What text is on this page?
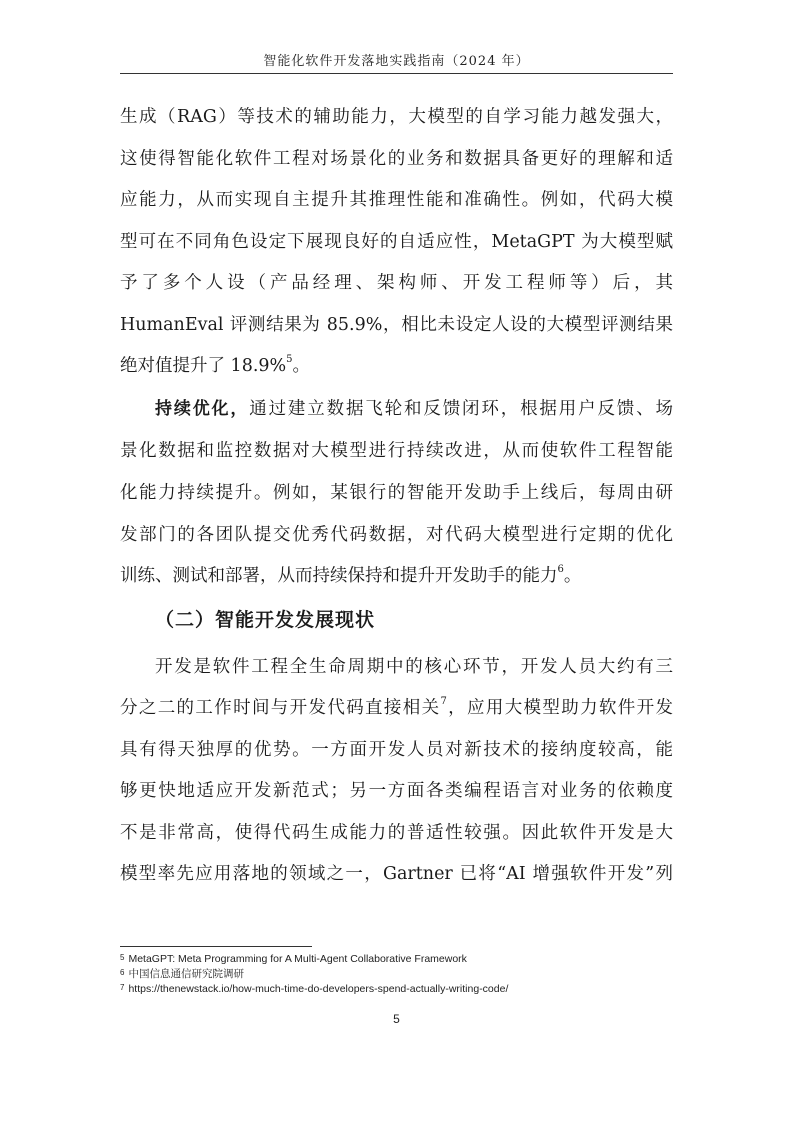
智能化软件开发落地实践指南（2024 年）
生成（RAG）等技术的辅助能力，大模型的自学习能力越发强大，
这使得智能化软件工程对场景化的业务和数据具备更好的理解和适
应能力，从而实现自主提升其推理性能和准确性。例如，代码大模
型可在不同角色设定下展现良好的自适应性，MetaGPT 为大模型赋
予了多个人设（产品经理、架构师、开发工程师等）后，其
HumanEval 评测结果为 85.9%，相比未设定人设的大模型评测结果
绝对值提升了 18.9%$^5$。
持续优化，通过建立数据飞轮和反馈闭环，根据用户反馈、场
景化数据和监控数据对大模型进行持续改进，从而使软件工程智能
化能力持续提升。例如，某银行的智能开发助手上线后，每周由研
发部门的各团队提交优秀代码数据，对代码大模型进行定期的优化
训练、测试和部署，从而持续保持和提升开发助手的能力$^6$。
（二）智能开发发展现状
开发是软件工程全生命周期中的核心环节，开发人员大约有三
分之二的工作时间与开发代码直接相关$^7$，应用大模型助力软件开发
具有得天独厚的优势。一方面开发人员对新技术的接纳度较高，能
够更快地适应开发新范式；另一方面各类编程语言对业务的依赖度
不是非常高，使得代码生成能力的普适性较强。因此软件开发是大
模型率先应用落地的领域之一，Gartner 已将“AI 增强软件开发”列
5 MetaGPT: Meta Programming for A Multi-Agent Collaborative Framework
6 中国信息通信研究院调研
7 https://thenewstack.io/how-much-time-do-developers-spend-actually-writing-code/
5
